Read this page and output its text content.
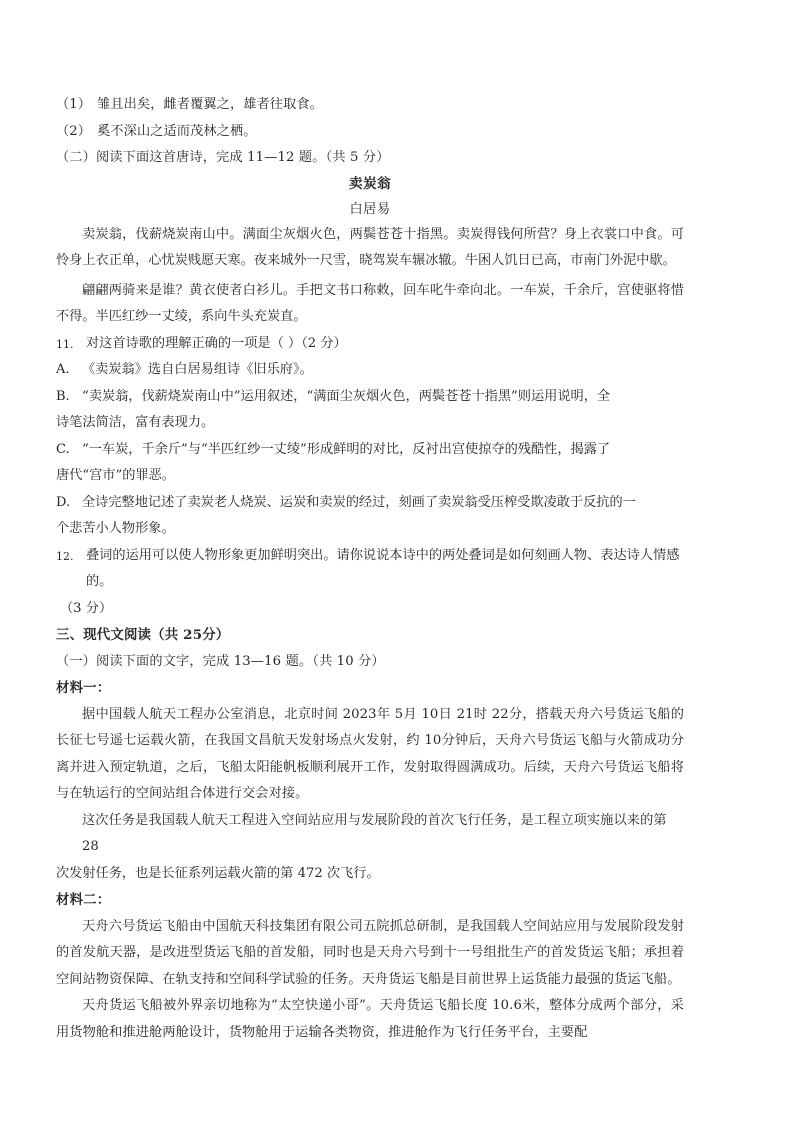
（1） 雏且出矣，雌者覆翼之，雄者往取食。
（2） 奚不深山之适而茂林之栖。
（二）阅读下面这首唐诗，完成 11—12 题。（共 5 分）
卖炭翁
白居易
卖炭翁，伐薪烧炭南山中。满面尘灰烟火色，两鬓苍苍十指黑。卖炭得钱何所营？身上衣裳口中食。可怜身上衣正单，心忧炭贱愿天寒。夜来城外一尺雪，晓驾炭车辗冰辙。牛困人饥日已高，市南门外泥中歇。
翩翩两骑来是谁？黄衣使者白衫儿。手把文书口称敕，回车叱牛牵向北。一车炭，千余斤，宫使驱将惜不得。半匹红纱一丈绫，系向牛头充炭直。
11. 对这首诗歌的理解正确的一项是（ ）（2 分）
A. 《卖炭翁》选自白居易组诗《旧乐府》。
B. “卖炭翁，伐薪烧炭南山中”运用叙述，“满面尘灰烟火色，两鬓苍苍十指黑”则运用说明，全
诗笔法简洁，富有表现力。
C. “一车炭，千余斤”与“半匹红纱一丈绫”形成鲜明的对比，反衬出宫使掠夺的残酷性，揭露了
唐代“宫市”的罪恶。
D. 全诗完整地记述了卖炭老人烧炭、运炭和卖炭的经过，刻画了卖炭翁受压榨受欺凌敢于反抗的一
个悲苦小人物形象。
12. 叠词的运用可以使人物形象更加鲜明突出。请你说说本诗中的两处叠词是如何刻画人物、表达诗人情感
的。
（3 分）
三、现代文阅读（共 25分）
（一）阅读下面的文字，完成 13—16 题。（共 10 分）
材料一：
据中国载人航天工程办公室消息，北京时间 2023年 5月 10日 21时 22分，搭载天舟六号货运飞船的长征七号遥七运载火箭，在我国文昌航天发射场点火发射，约 10分钟后，天舟六号货运飞船与火箭成功分离并进入预定轨道，之后，飞船太阳能帆板顺利展开工作，发射取得圆满成功。后续，天舟六号货运飞船将与在轨运行的空间站组合体进行交会对接。
这次任务是我国载人航天工程进入空间站应用与发展阶段的首次飞行任务，是工程立项实施以来的第
28
次发射任务，也是长征系列运载火箭的第 472 次飞行。
材料二：
天舟六号货运飞船由中国航天科技集团有限公司五院抓总研制，是我国载人空间站应用与发展阶段发射的首发航天器，是改进型货运飞船的首发船，同时也是天舟六号到十一号组批生产的首发货运飞船；承担着空间站物资保障、在轨支持和空间科学试验的任务。天舟货运飞船是目前世界上运货能力最强的货运飞船。
天舟货运飞船被外界亲切地称为“太空快递小哥”。天舟货运飞船长度 10.6米，整体分成两个部分，采用货物舱和推进舱两舱设计，货物舱用于运输各类物资，推进舱作为飞行任务平台，主要配
